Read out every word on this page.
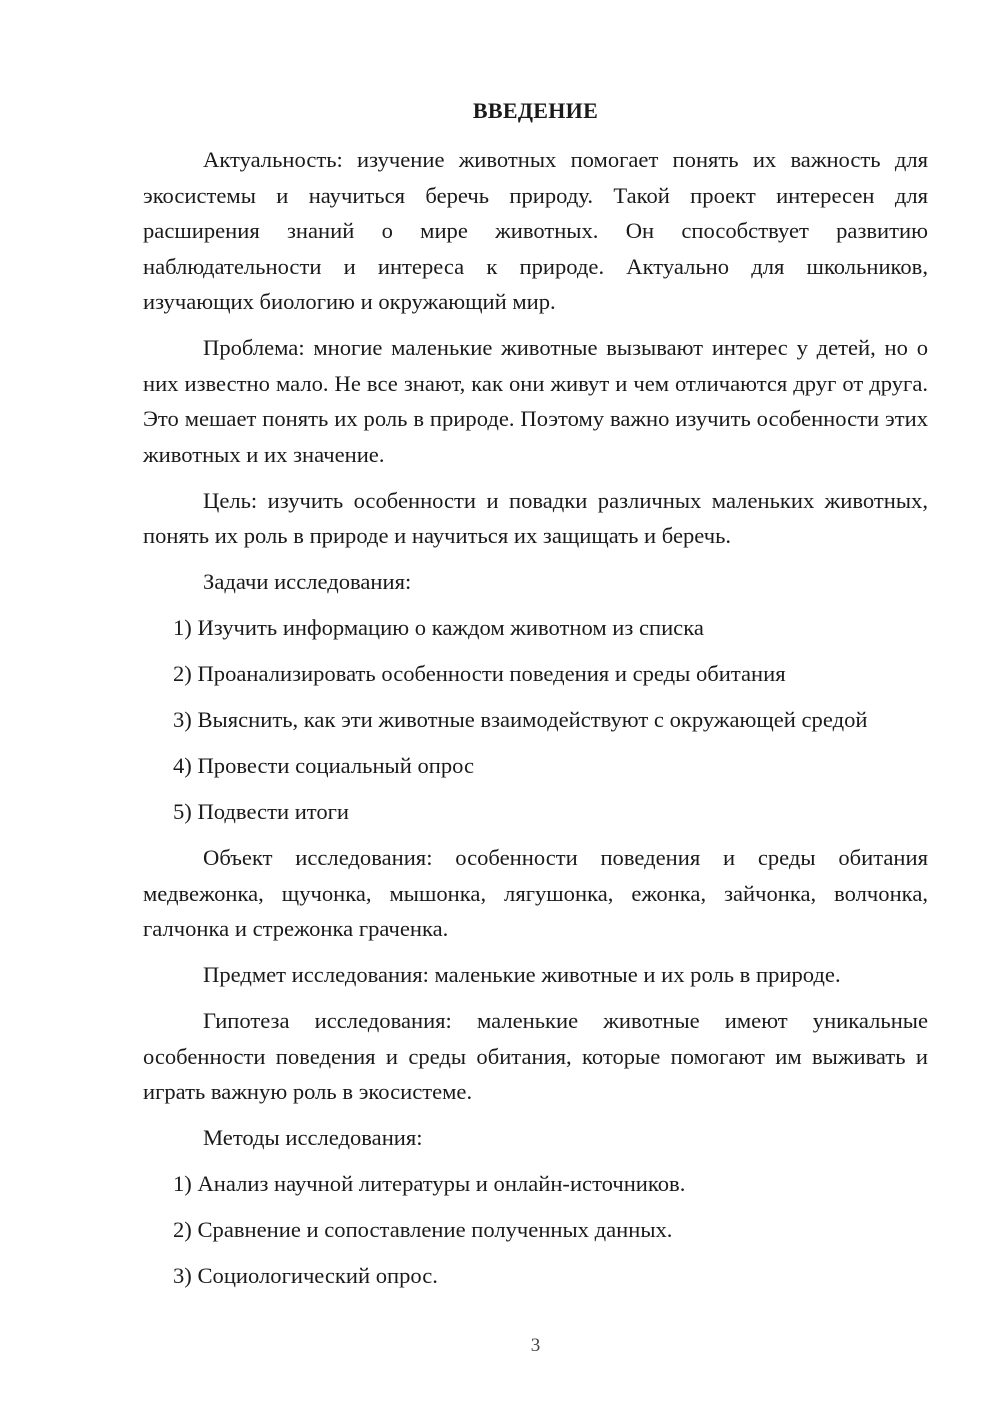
ВВЕДЕНИЕ

Актуальность: изучение животных помогает понять их важность для экосистемы и научиться беречь природу. Такой проект интересен для расширения знаний о мире животных. Он способствует развитию наблюдательности и интереса к природе. Актуально для школьников, изучающих биологию и окружающий мир.

Проблема: многие маленькие животные вызывают интерес у детей, но о них известно мало. Не все знают, как они живут и чем отличаются друг от друга. Это мешает понять их роль в природе. Поэтому важно изучить особенности этих животных и их значение.

Цель: изучить особенности и повадки различных маленьких животных, понять их роль в природе и научиться их защищать и беречь.

Задачи исследования:

1) Изучить информацию о каждом животном из списка

2) Проанализировать особенности поведения и среды обитания

3) Выяснить, как эти животные взаимодействуют с окружающей средой

4) Провести социальный опрос

5) Подвести итоги

Объект исследования: особенности поведения и среды обитания медвежонка, щучонка, мышонка, лягушонка, ежонка, зайчонка, волчонка, галчонка и стрежонка граченка.

Предмет исследования: маленькие животные и их роль в природе.

Гипотеза исследования: маленькие животные имеют уникальные особенности поведения и среды обитания, которые помогают им выживать и играть важную роль в экосистеме.

Методы исследования:

1) Анализ научной литературы и онлайн-источников.

2) Сравнение и сопоставление полученных данных.

3) Социологический опрос.

3
